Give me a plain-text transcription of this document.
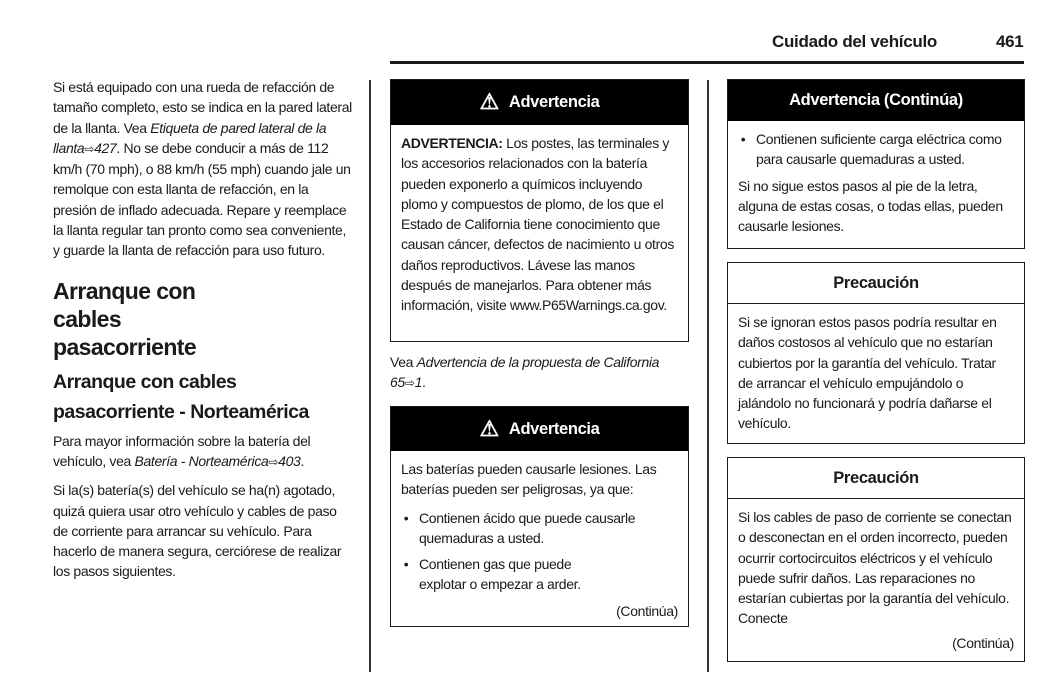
Cuidado del vehículo	461
Si está equipado con una rueda de refacción de tamaño completo, esto se indica en la pared lateral de la llanta. Vea Etiqueta de pared lateral de la llanta⇨427. No se debe conducir a más de 112 km/h (70 mph), o 88 km/h (55 mph) cuando jale un remolque con esta llanta de refacción, en la presión de inflado adecuada. Repare y reemplace la llanta regular tan pronto como sea conveniente, y guarde la llanta de refacción para uso futuro.
Arranque con cables pasacorriente
Arranque con cables pasacorriente - Norteamérica
Para mayor información sobre la batería del vehículo, vea Batería - Norteamérica⇨403.
Si la(s) batería(s) del vehículo se ha(n) agotado, quizá quiera usar otro vehículo y cables de paso de corriente para arrancar su vehículo. Para hacerlo de manera segura, cerciórese de realizar los pasos siguientes.
⚠ Advertencia
ADVERTENCIA: Los postes, las terminales y los accesorios relacionados con la batería pueden exponerlo a químicos incluyendo plomo y compuestos de plomo, de los que el Estado de California tiene conocimiento que causan cáncer, defectos de nacimiento u otros daños reproductivos. Lávese las manos después de manejarlos. Para obtener más información, visite www.P65Warnings.ca.gov.
Vea Advertencia de la propuesta de California 65⇨1.
⚠ Advertencia
Las baterías pueden causarle lesiones. Las baterías pueden ser peligrosas, ya que:
• Contienen ácido que puede causarle quemaduras a usted.
• Contienen gas que puede explotar o empezar a arder.
(Continúa)
Advertencia (Continúa)
• Contienen suficiente carga eléctrica como para causarle quemaduras a usted.
Si no sigue estos pasos al pie de la letra, alguna de estas cosas, o todas ellas, pueden causarle lesiones.
Precaución
Si se ignoran estos pasos podría resultar en daños costosos al vehículo que no estarían cubiertos por la garantía del vehículo. Tratar de arrancar el vehículo empujándolo o jalándolo no funcionará y podría dañarse el vehículo.
Precaución
Si los cables de paso de corriente se conectan o desconectan en el orden incorrecto, pueden ocurrir cortocircuitos eléctricos y el vehículo puede sufrir daños. Las reparaciones no estarían cubiertas por la garantía del vehículo. Conecte
(Continúa)
